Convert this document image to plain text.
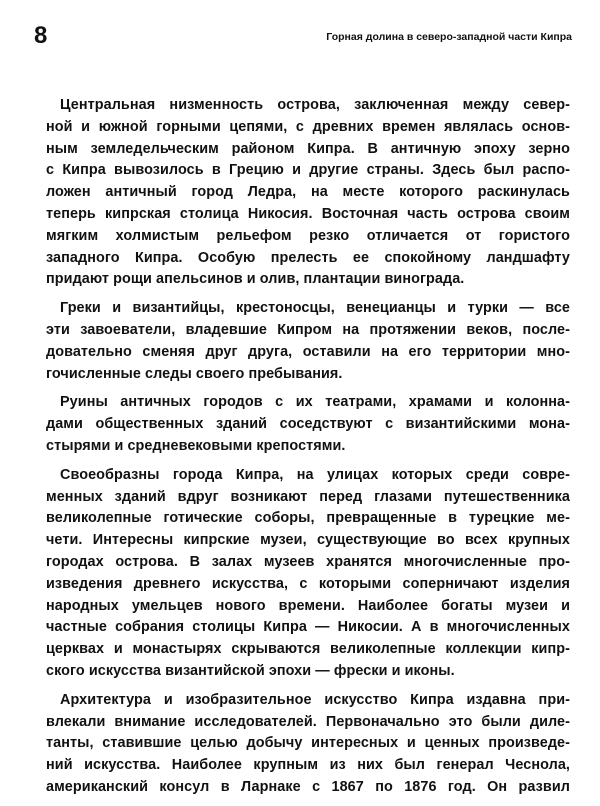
8	Горная долина в северо-западной части Кипра
Центральная низменность острова, заключенная между север-
ной и южной горными цепями, с древних времен являлась основ-
ным земледельческим районом Кипра. В античную эпоху зерно
с Кипра вывозилось в Грецию и другие страны. Здесь был распо-
ложен античный город Ледра, на месте которого раскинулась
теперь кипрская столица Никосия. Восточная часть острова своим
мягким холмистым рельефом резко отличается от гористого
западного Кипра. Особую прелесть ее спокойному ландшафту
придают рощи апельсинов и олив, плантации винограда.
Греки и византийцы, крестоносцы, венецианцы и турки — все
эти завоеватели, владевшие Кипром на протяжении веков, после-
довательно сменяя друг друга, оставили на его территории мно-
гочисленные следы своего пребывания.
Руины античных городов с их театрами, храмами и колонна-
дами общественных зданий соседствуют с византийскими мона-
стырями и средневековыми крепостями.
Своеобразны города Кипра, на улицах которых среди совре-
менных зданий вдруг возникают перед глазами путешественника
великолепные готические соборы, превращенные в турецкие ме-
чети. Интересны кипрские музеи, существующие во всех крупных
городах острова. В залах музеев хранятся многочисленные про-
изведения древнего искусства, с которыми соперничают изделия
народных умельцев нового времени. Наиболее богаты музеи и
частные собрания столицы Кипра — Никосии. А в многочисленных
церквах и монастырях скрываются великолепные коллекции кипр-
ского искусства византийской эпохи — фрески и иконы.
Архитектура и изобразительное искусство Кипра издавна при-
влекали внимание исследователей. Первоначально это были диле-
танты, ставившие целью добычу интересных и ценных произведе-
ний искусства. Наиболее крупным из них был генерал Чеснола,
американский консул в Ларнаке с 1867 по 1876 год. Он развил
